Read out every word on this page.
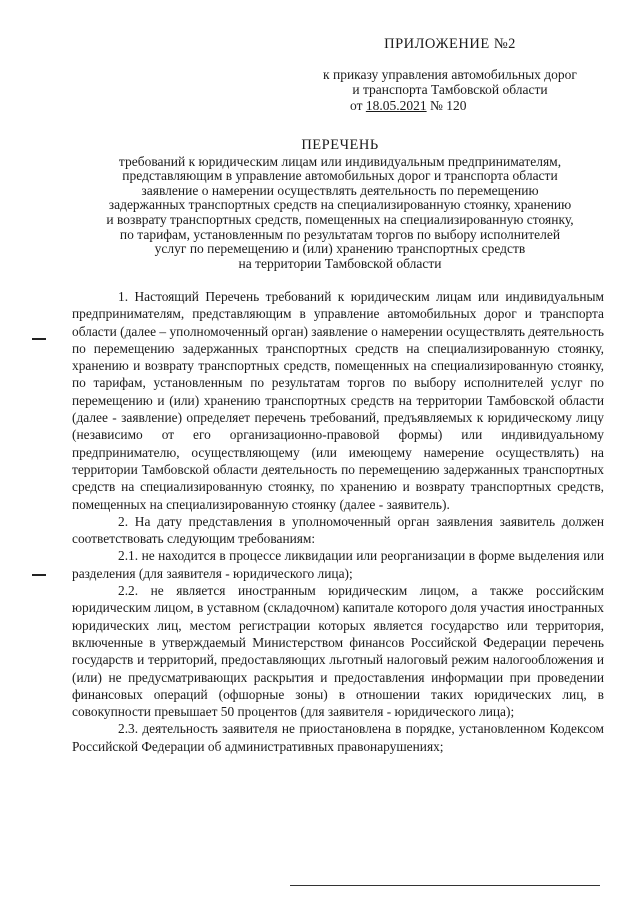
ПРИЛОЖЕНИЕ №2
к приказу управления автомобильных дорог
и транспорта Тамбовской области
от 18.05.2021 № 120
ПЕРЕЧЕНЬ
требований к юридическим лицам или индивидуальным предпринимателям,
представляющим в управление автомобильных дорог и транспорта области
заявление о намерении осуществлять деятельность по перемещению
задержанных транспортных средств на специализированную стоянку, хранению
и возврату транспортных средств, помещенных на специализированную стоянку,
по тарифам, установленным по результатам торгов по выбору исполнителей
услуг по перемещению и (или) хранению транспортных средств
на территории Тамбовской области

1. Настоящий Перечень требований к юридическим лицам или индивидуальным предпринимателям, представляющим в управление автомобильных дорог и транспорта области (далее – уполномоченный орган) заявление о намерении осуществлять деятельность по перемещению задержанных транспортных средств на специализированную стоянку, хранению и возврату транспортных средств, помещенных на специализированную стоянку, по тарифам, установленным по результатам торгов по выбору исполнителей услуг по перемещению и (или) хранению транспортных средств на территории Тамбовской области (далее - заявление) определяет перечень требований, предъявляемых к юридическому лицу (независимо от его организационно-правовой формы) или индивидуальному предпринимателю, осуществляющему (или имеющему намерение осуществлять) на территории Тамбовской области деятельность по перемещению задержанных транспортных средств на специализированную стоянку, по хранению и возврату транспортных средств, помещенных на специализированную стоянку (далее - заявитель).

2. На дату представления в уполномоченный орган заявления заявитель должен соответствовать следующим требованиям:

2.1. не находится в процессе ликвидации или реорганизации в форме выделения или разделения (для заявителя - юридического лица);

2.2. не является иностранным юридическим лицом, а также российским юридическим лицом, в уставном (складочном) капитале которого доля участия иностранных юридических лиц, местом регистрации которых является государство или территория, включенные в утверждаемый Министерством финансов Российской Федерации перечень государств и территорий, предоставляющих льготный налоговый режим налогообложения и (или) не предусматривающих раскрытия и предоставления информации при проведении финансовых операций (офшорные зоны) в отношении таких юридических лиц, в совокупности превышает 50 процентов (для заявителя - юридического лица);

2.3. деятельность заявителя не приостановлена в порядке, установленном Кодексом Российской Федерации об административных правонарушениях;
